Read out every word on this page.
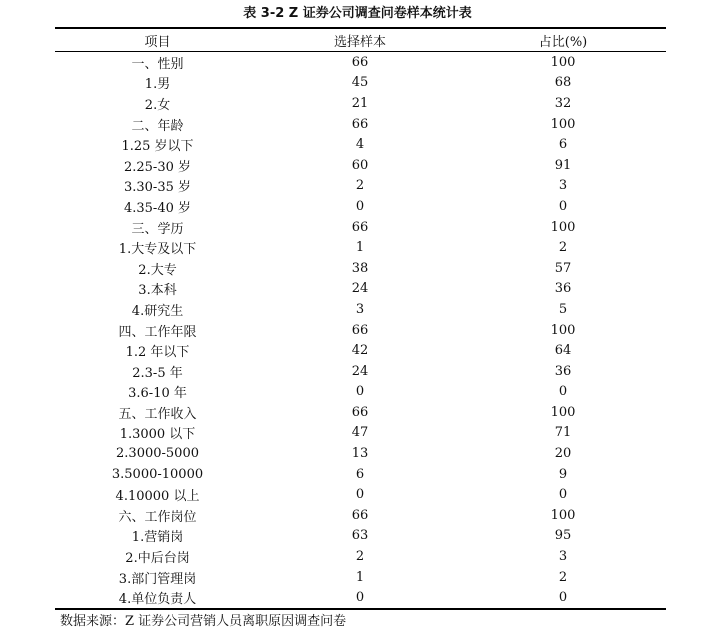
表 3-2 Z 证券公司调查问卷样本统计表
项目	选择样本	占比(%)
一、性别	66	100
1.男	45	68
2.女	21	32
二、年龄	66	100
1.25 岁以下	4	6
2.25-30 岁	60	91
3.30-35 岁	2	3
4.35-40 岁	0	0
三、学历	66	100
1.大专及以下	1	2
2.大专	38	57
3.本科	24	36
4.研究生	3	5
四、工作年限	66	100
1.2 年以下	42	64
2.3-5 年	24	36
3.6-10 年	0	0
五、工作收入	66	100
1.3000 以下	47	71
2.3000-5000	13	20
3.5000-10000	6	9
4.10000 以上	0	0
六、工作岗位	66	100
1.营销岗	63	95
2.中后台岗	2	3
3.部门管理岗	1	2
4.单位负责人	0	0
数据来源：Z 证券公司营销人员离职原因调查问卷
